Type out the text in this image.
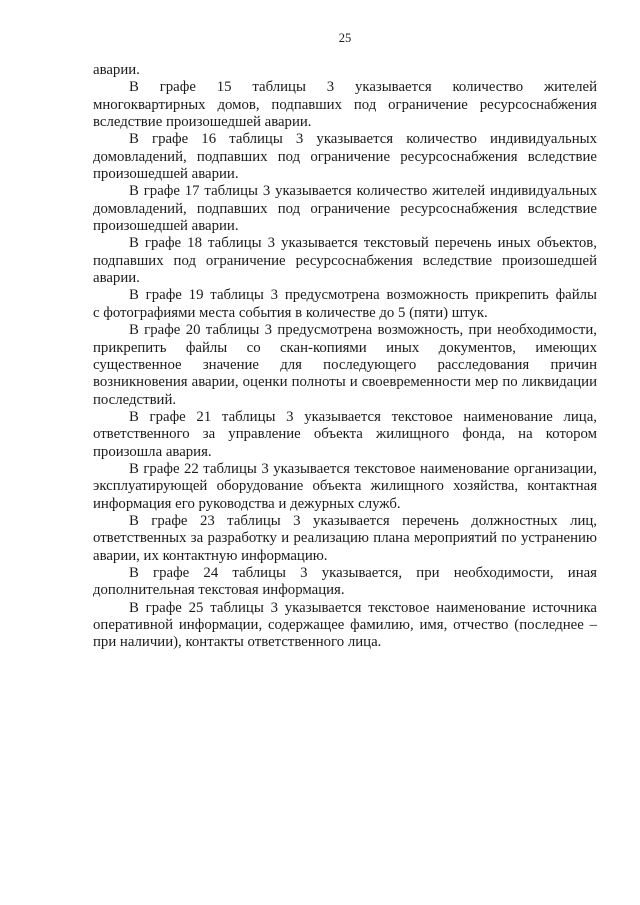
25
аварии.
В графе 15 таблицы 3 указывается количество жителей
многоквартирных домов, подпавших под ограничение ресурсоснабжения
вследствие произошедшей аварии.
В графе 16 таблицы 3 указывается количество индивидуальных
домовладений, подпавших под ограничение ресурсоснабжения вследствие
произошедшей аварии.
В графе 17 таблицы 3 указывается количество жителей индивидуальных
домовладений, подпавших под ограничение ресурсоснабжения вследствие
произошедшей аварии.
В графе 18 таблицы 3 указывается текстовый перечень иных объектов,
подпавших под ограничение ресурсоснабжения вследствие произошедшей
аварии.
В графе 19 таблицы 3 предусмотрена возможность прикрепить файлы
с фотографиями места события в количестве до 5 (пяти) штук.
В графе 20 таблицы 3 предусмотрена возможность, при необходимости,
прикрепить файлы со скан-копиями иных документов, имеющих
существенное значение для последующего расследования причин
возникновения аварии, оценки полноты и своевременности мер по ликвидации
последствий.
В графе 21 таблицы 3 указывается текстовое наименование лица,
ответственного за управление объекта жилищного фонда, на котором
произошла авария.
В графе 22 таблицы 3 указывается текстовое наименование организации,
эксплуатирующей оборудование объекта жилищного хозяйства, контактная
информация его руководства и дежурных служб.
В графе 23 таблицы 3 указывается перечень должностных лиц,
ответственных за разработку и реализацию плана мероприятий по устранению
аварии, их контактную информацию.
В графе 24 таблицы 3 указывается, при необходимости, иная
дополнительная текстовая информация.
В графе 25 таблицы 3 указывается текстовое наименование источника
оперативной информации, содержащее фамилию, имя, отчество (последнее –
при наличии), контакты ответственного лица.
